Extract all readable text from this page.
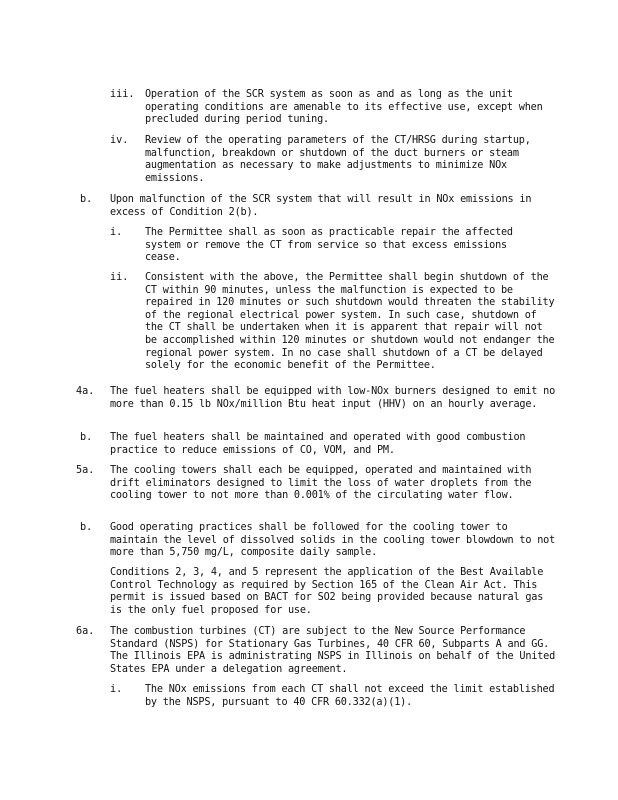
iii. Operation of the SCR system as soon as and as long as the unit operating conditions are amenable to its effective use, except when precluded during period tuning.
iv. Review of the operating parameters of the CT/HRSG during startup, malfunction, breakdown or shutdown of the duct burners or steam augmentation as necessary to make adjustments to minimize NOx emissions.
b. Upon malfunction of the SCR system that will result in NOx emissions in excess of Condition 2(b).
i. The Permittee shall as soon as practicable repair the affected system or remove the CT from service so that excess emissions cease.
ii. Consistent with the above, the Permittee shall begin shutdown of the CT within 90 minutes, unless the malfunction is expected to be repaired in 120 minutes or such shutdown would threaten the stability of the regional electrical power system. In such case, shutdown of the CT shall be undertaken when it is apparent that repair will not be accomplished within 120 minutes or shutdown would not endanger the regional power system. In no case shall shutdown of a CT be delayed solely for the economic benefit of the Permittee.
4a. The fuel heaters shall be equipped with low-NOx burners designed to emit no more than 0.15 lb NOx/million Btu heat input (HHV) on an hourly average.
b. The fuel heaters shall be maintained and operated with good combustion practice to reduce emissions of CO, VOM, and PM.
5a. The cooling towers shall each be equipped, operated and maintained with drift eliminators designed to limit the loss of water droplets from the cooling tower to not more than 0.001% of the circulating water flow.
b. Good operating practices shall be followed for the cooling tower to maintain the level of dissolved solids in the cooling tower blowdown to not more than 5,750 mg/L, composite daily sample.
Conditions 2, 3, 4, and 5 represent the application of the Best Available Control Technology as required by Section 165 of the Clean Air Act. This permit is issued based on BACT for SO2 being provided because natural gas is the only fuel proposed for use.
6a. The combustion turbines (CT) are subject to the New Source Performance Standard (NSPS) for Stationary Gas Turbines, 40 CFR 60, Subparts A and GG. The Illinois EPA is administrating NSPS in Illinois on behalf of the United States EPA under a delegation agreement.
i. The NOx emissions from each CT shall not exceed the limit established by the NSPS, pursuant to 40 CFR 60.332(a)(1).
